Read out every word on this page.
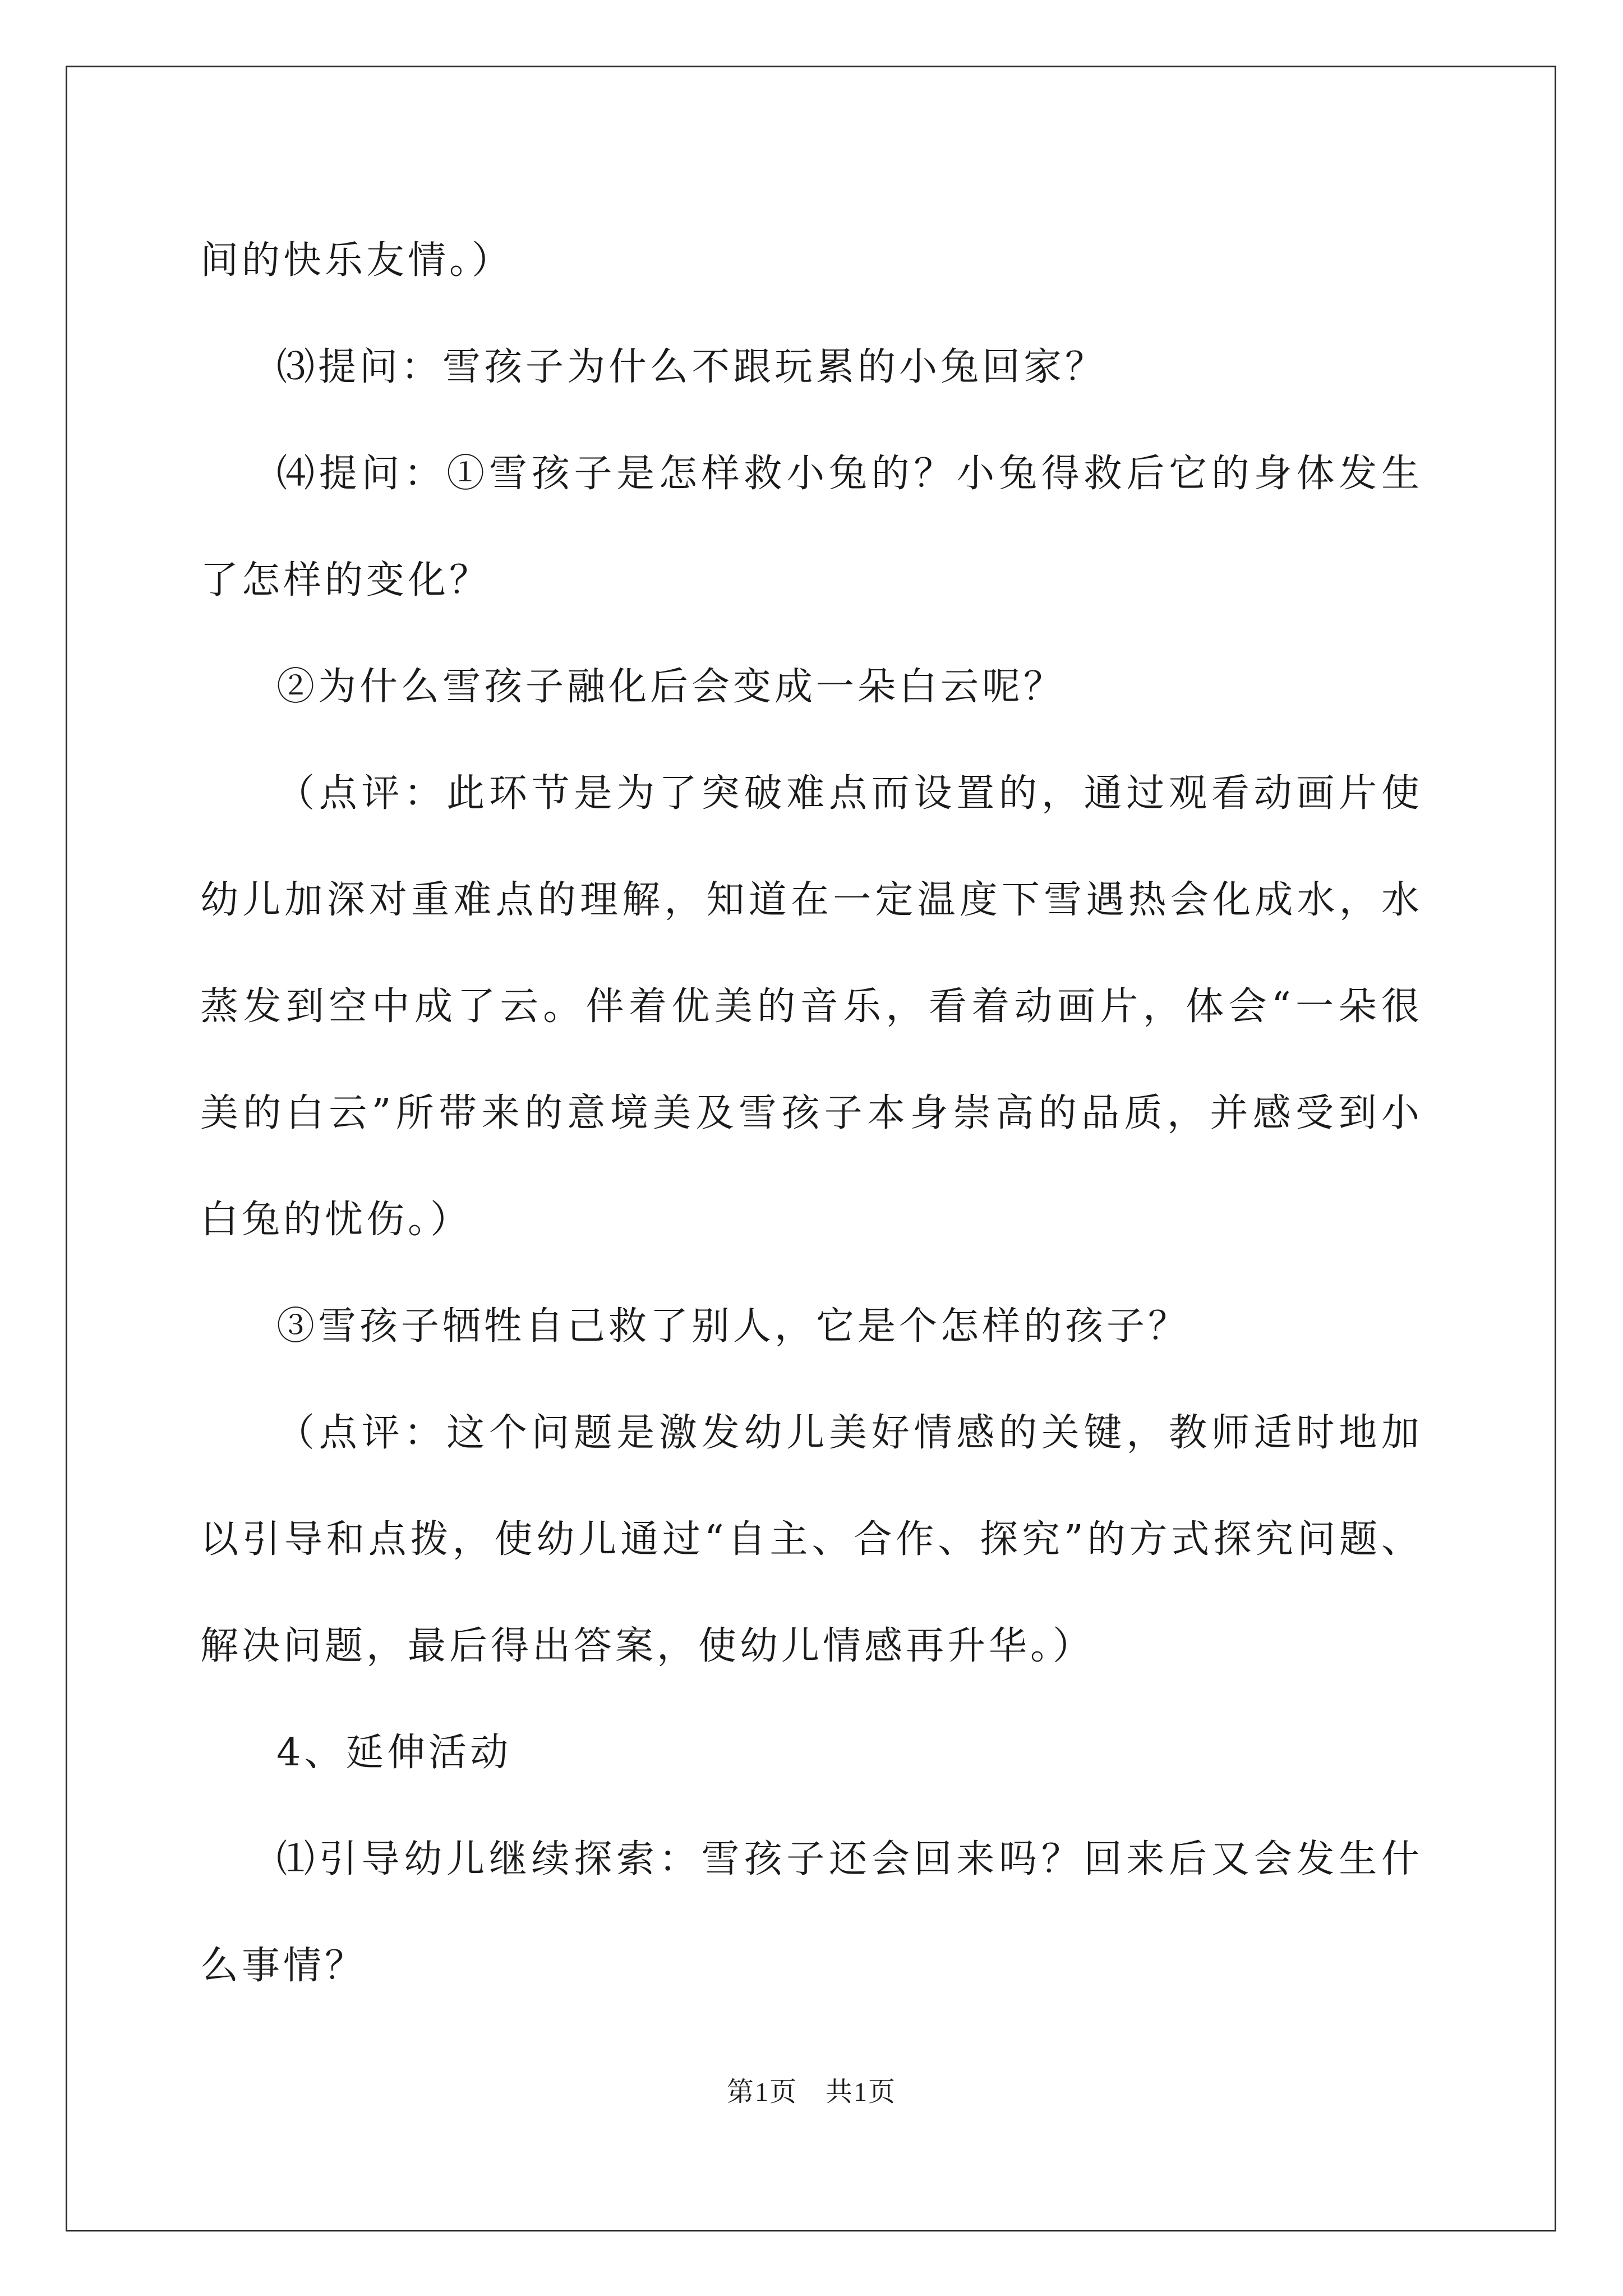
间的快乐友情。）

⑶提问：雪孩子为什么不跟玩累的小兔回家？

⑷提问：①雪孩子是怎样救小兔的？小兔得救后它的身体发生了怎样的变化？

②为什么雪孩子融化后会变成一朵白云呢？

（点评：此环节是为了突破难点而设置的，通过观看动画片使幼儿加深对重难点的理解，知道在一定温度下雪遇热会化成水，水蒸发到空中成了云。伴着优美的音乐，看着动画片，体会“一朵很美的白云”所带来的意境美及雪孩子本身崇高的品质，并感受到小白兔的忧伤。）

③雪孩子牺牲自己救了别人，它是个怎样的孩子？

（点评：这个问题是激发幼儿美好情感的关键，教师适时地加以引导和点拨，使幼儿通过“自主、合作、探究”的方式探究问题、解决问题，最后得出答案，使幼儿情感再升华。）

4、延伸活动

⑴引导幼儿继续探索：雪孩子还会回来吗？回来后又会发生什么事情？

第1页　共1页
